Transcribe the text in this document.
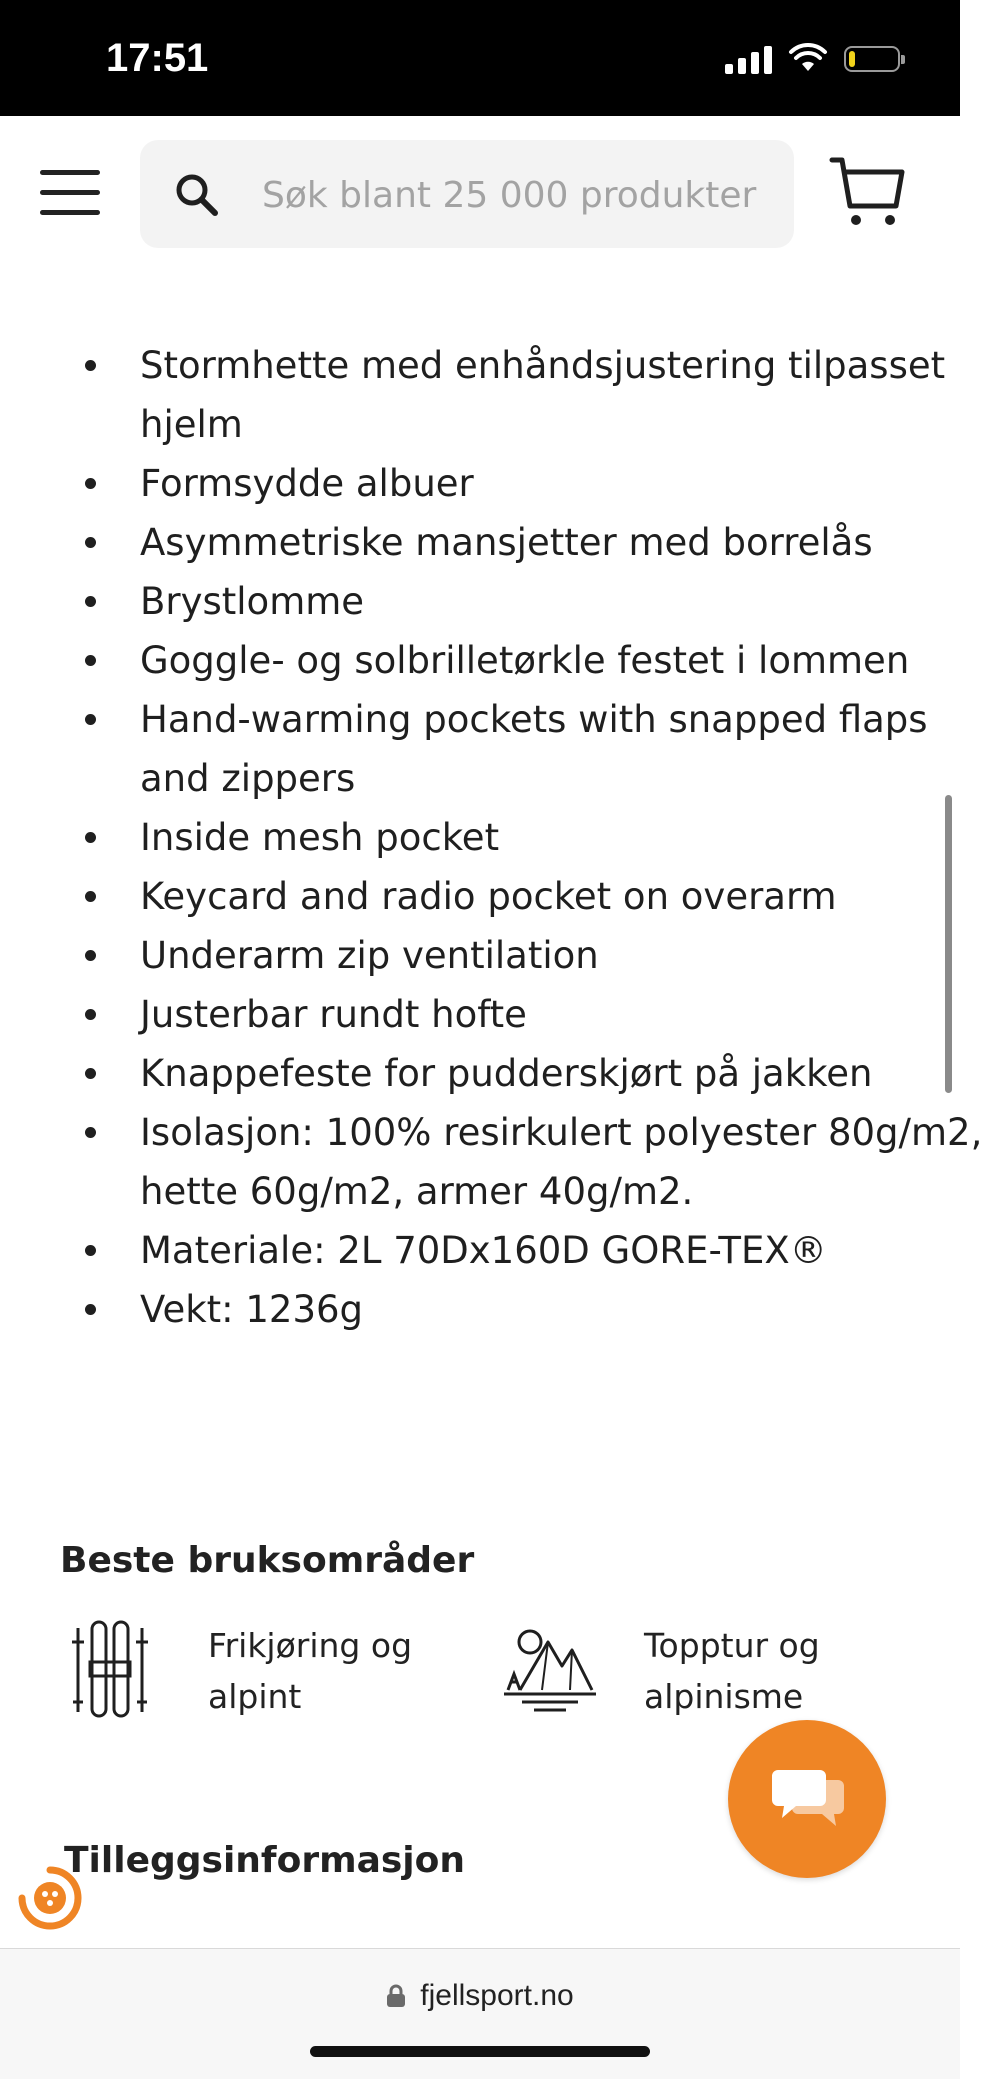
17:51
Søk blant 25 000 produkter
Stormhette med enhåndsjustering tilpasset hjelm
Formsydde albuer
Asymmetriske mansjetter med borrelås
Brystlomme
Goggle- og solbrilletørkle festet i lommen
Hand-warming pockets with snapped flaps and zippers
Inside mesh pocket
Keycard and radio pocket on overarm
Underarm zip ventilation
Justerbar rundt hofte
Knappefeste for pudderskjørt på jakken
Isolasjon: 100% resirkulert polyester 80g/m2, hette 60g/m2, armer 40g/m2.
Materiale: 2L 70Dx160D GORE-TEX®
Vekt: 1236g
Beste bruksområder
Frikjøring og alpint
Topptur og alpinisme
Tilleggsinformasjon
fjellsport.no
